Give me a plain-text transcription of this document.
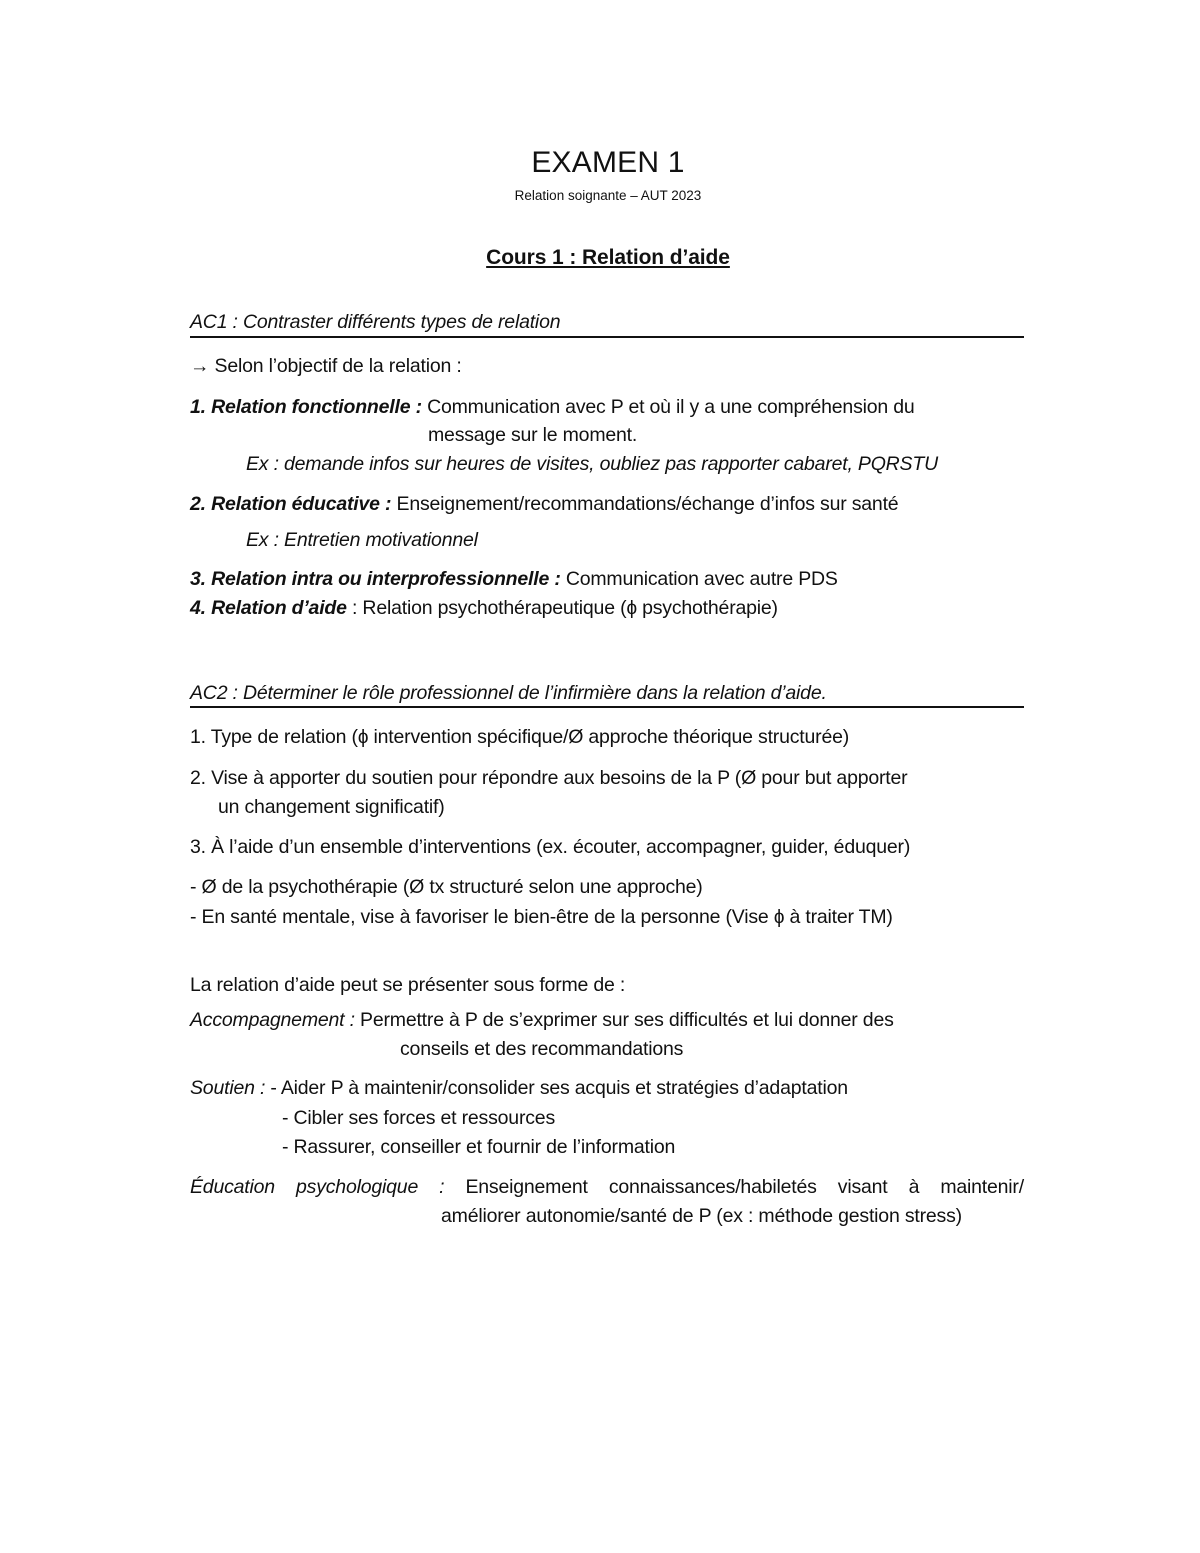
EXAMEN 1
Relation soignante – AUT 2023
Cours 1 : Relation d’aide
AC1 : Contraster différents types de relation
→ Selon l’objectif de la relation :
1. Relation fonctionnelle : Communication avec P et où il y a une compréhension du
message sur le moment.
Ex : demande infos sur heures de visites, oubliez pas rapporter cabaret, PQRSTU
2. Relation éducative : Enseignement/recommandations/échange d’infos sur santé
Ex : Entretien motivationnel
3. Relation intra ou interprofessionnelle : Communication avec autre PDS
4. Relation d’aide : Relation psychothérapeutique (ɸ psychothérapie)
AC2 : Déterminer le rôle professionnel de l’infirmière dans la relation d’aide.
1. Type de relation (ɸ intervention spécifique/Ø approche théorique structurée)
2. Vise à apporter du soutien pour répondre aux besoins de la P (Ø pour but apporter
un changement significatif)
3. À l’aide d’un ensemble d’interventions (ex. écouter, accompagner, guider, éduquer)
- Ø de la psychothérapie (Ø tx structuré selon une approche)
- En santé mentale, vise à favoriser le bien-être de la personne (Vise ɸ à traiter TM)
La relation d’aide peut se présenter sous forme de :
Accompagnement : Permettre à P de s’exprimer sur ses difficultés et lui donner des
conseils et des recommandations
Soutien : - Aider P à maintenir/consolider ses acquis et stratégies d’adaptation
- Cibler ses forces et ressources
- Rassurer, conseiller et fournir de l’information
Éducation psychologique : Enseignement connaissances/habiletés visant à maintenir/
améliorer autonomie/santé de P (ex : méthode gestion stress)
